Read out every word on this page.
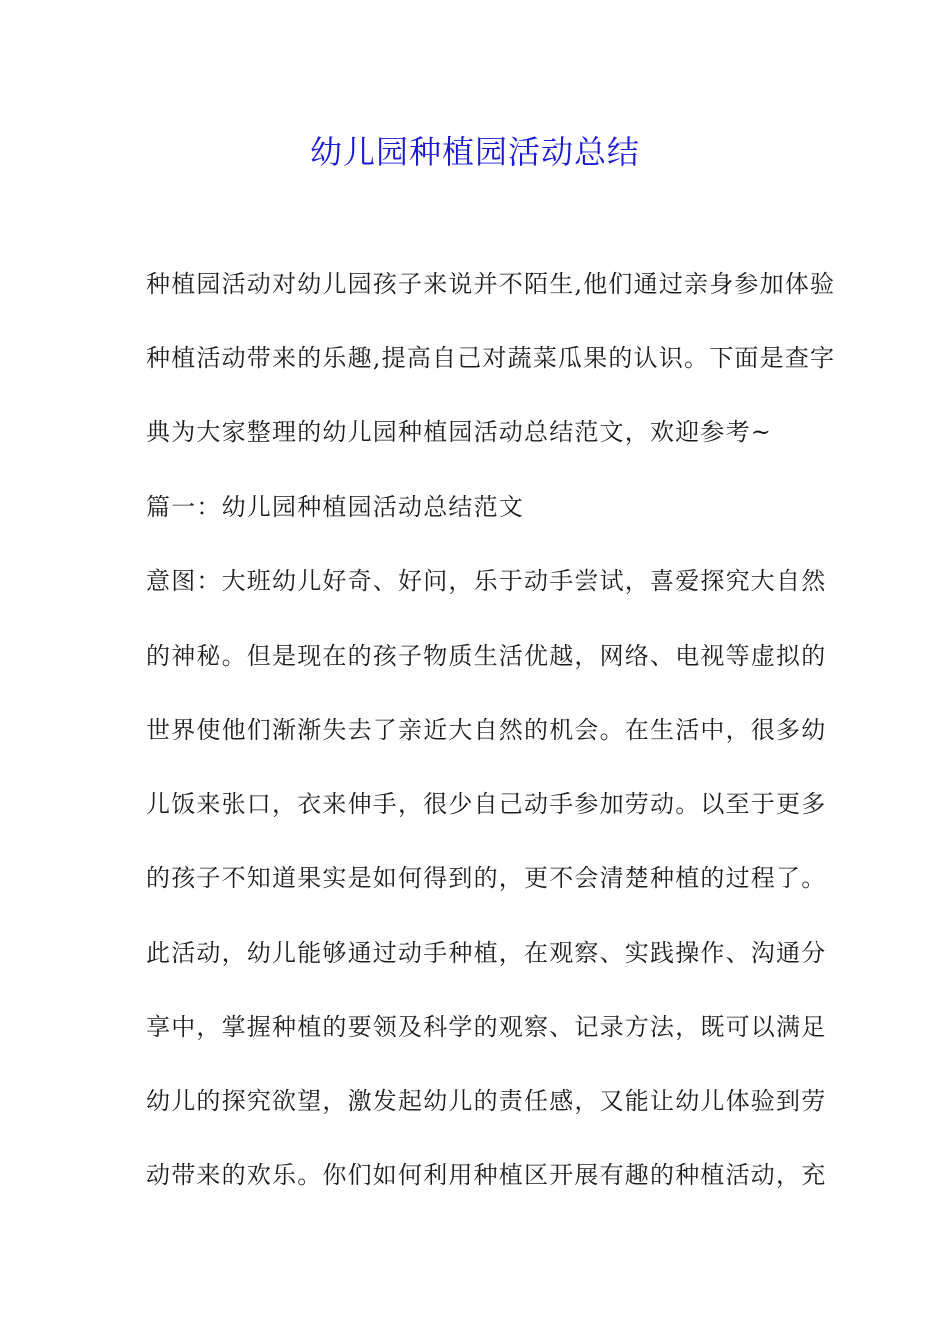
幼儿园种植园活动总结
种植园活动对幼儿园孩子来说并不陌生,他们通过亲身参加体验
种植活动带来的乐趣,提高自己对蔬菜瓜果的认识。下面是查字
典为大家整理的幼儿园种植园活动总结范文，欢迎参考~
篇一：幼儿园种植园活动总结范文
意图：大班幼儿好奇、好问，乐于动手尝试，喜爱探究大自然
的神秘。但是现在的孩子物质生活优越，网络、电视等虚拟的
世界使他们渐渐失去了亲近大自然的机会。在生活中，很多幼
儿饭来张口，衣来伸手，很少自己动手参加劳动。以至于更多
的孩子不知道果实是如何得到的，更不会清楚种植的过程了。
此活动，幼儿能够通过动手种植，在观察、实践操作、沟通分
享中，掌握种植的要领及科学的观察、记录方法，既可以满足
幼儿的探究欲望，激发起幼儿的责任感，又能让幼儿体验到劳
动带来的欢乐。你们如何利用种植区开展有趣的种植活动，充
